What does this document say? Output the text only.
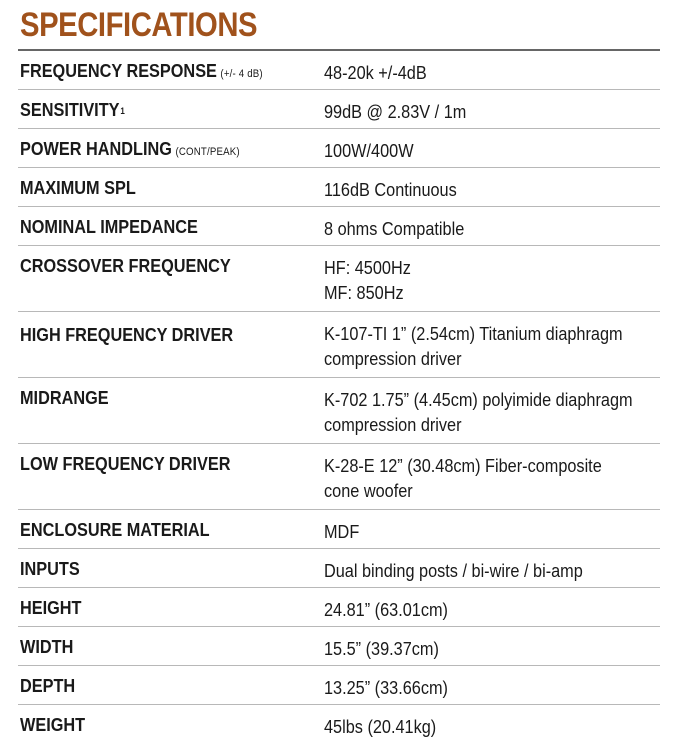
SPECIFICATIONS
FREQUENCY RESPONSE (+/- 4 dB)	48-20k +/-4dB
SENSITIVITY$^1$	99dB @ 2.83V / 1m
POWER HANDLING (CONT/PEAK)	100W/400W
MAXIMUM SPL	116dB Continuous
NOMINAL IMPEDANCE	8 ohms Compatible
CROSSOVER FREQUENCY	HF: 4500Hz
MF: 850Hz
HIGH FREQUENCY DRIVER	K-107-TI 1” (2.54cm) Titanium diaphragm
compression driver
MIDRANGE	K-702 1.75” (4.45cm) polyimide diaphragm
compression driver
LOW FREQUENCY DRIVER	K-28-E 12” (30.48cm) Fiber-composite
cone woofer
ENCLOSURE MATERIAL	MDF
INPUTS	Dual binding posts / bi-wire / bi-amp
HEIGHT	24.81” (63.01cm)
WIDTH	15.5” (39.37cm)
DEPTH	13.25” (33.66cm)
WEIGHT	45lbs (20.41kg)
